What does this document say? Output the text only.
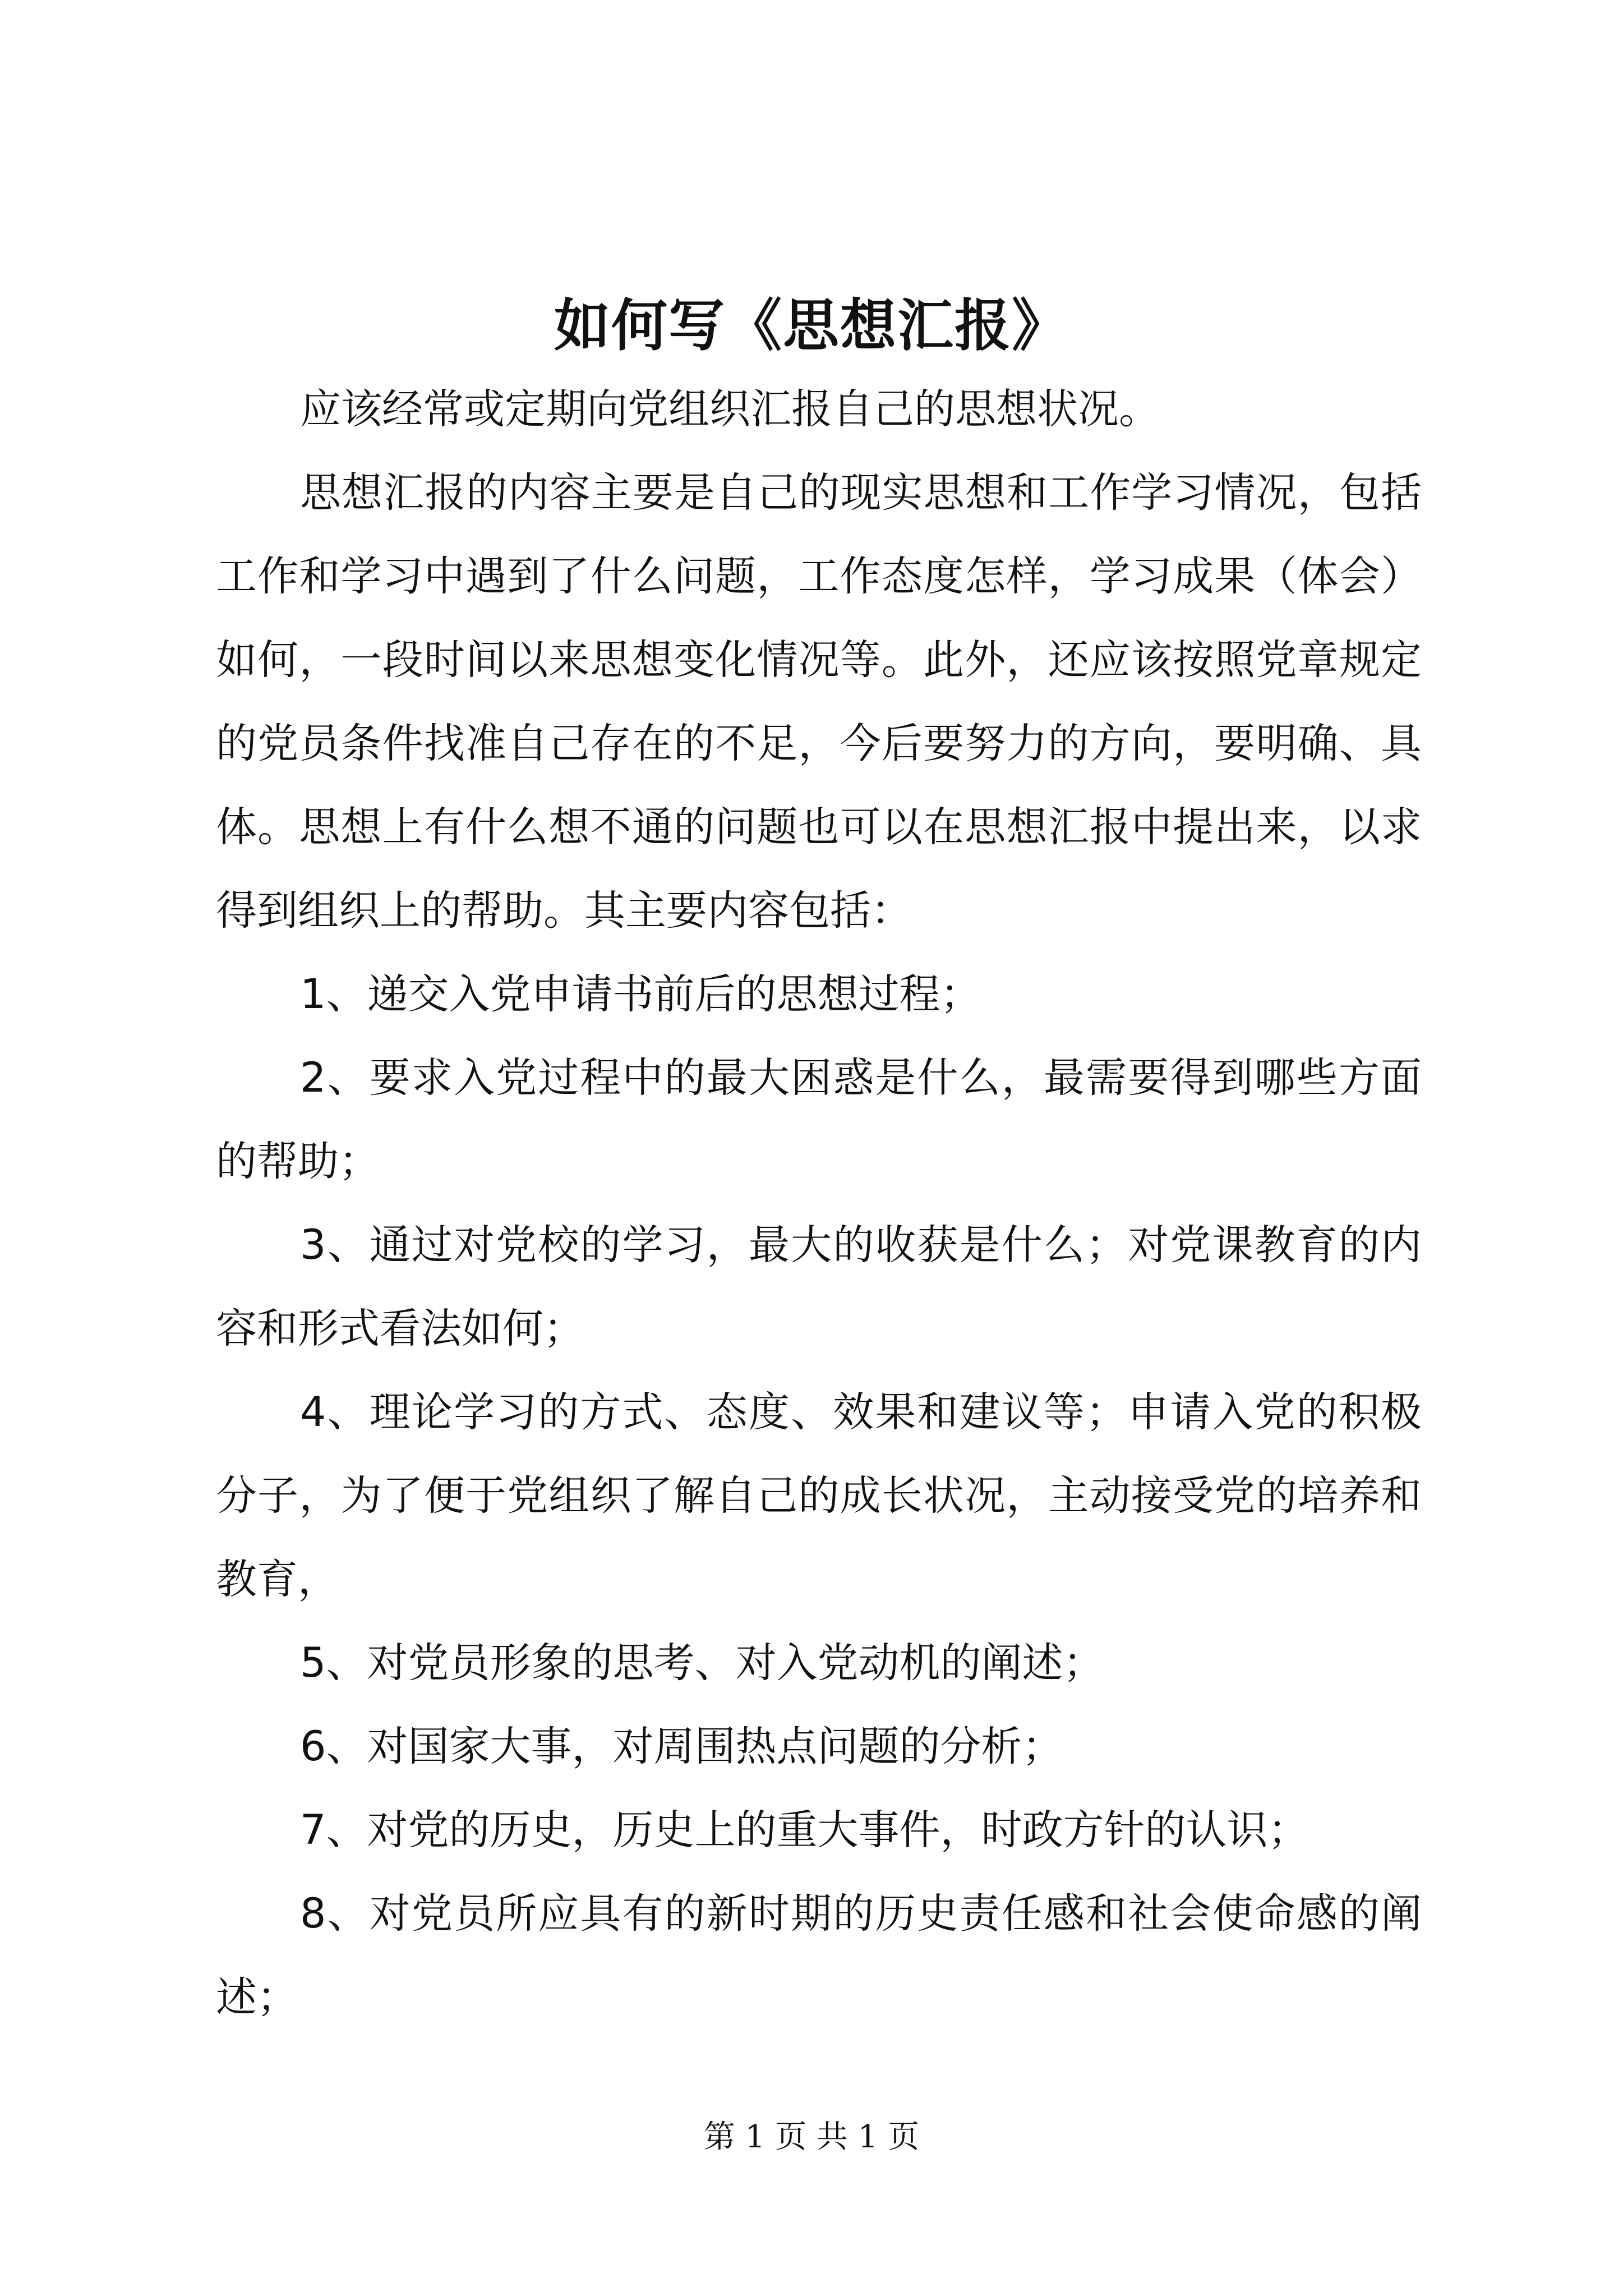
如何写《思想汇报》

应该经常或定期向党组织汇报自己的思想状况。

思想汇报的内容主要是自己的现实思想和工作学习情况，包括工作和学习中遇到了什么问题，工作态度怎样，学习成果（体会）如何，一段时间以来思想变化情况等。此外，还应该按照党章规定的党员条件找准自己存在的不足，今后要努力的方向，要明确、具体。思想上有什么想不通的问题也可以在思想汇报中提出来，以求得到组织上的帮助。其主要内容包括：

1、递交入党申请书前后的思想过程；

2、要求入党过程中的最大困惑是什么，最需要得到哪些方面的帮助；

3、通过对党校的学习，最大的收获是什么；对党课教育的内容和形式看法如何；

4、理论学习的方式、态度、效果和建议等；申请入党的积极分子，为了便于党组织了解自己的成长状况，主动接受党的培养和教育，

5、对党员形象的思考、对入党动机的阐述；

6、对国家大事，对周围热点问题的分析；

7、对党的历史，历史上的重大事件，时政方针的认识；

8、对党员所应具有的新时期的历史责任感和社会使命感的阐述；

第 1 页 共 1 页
